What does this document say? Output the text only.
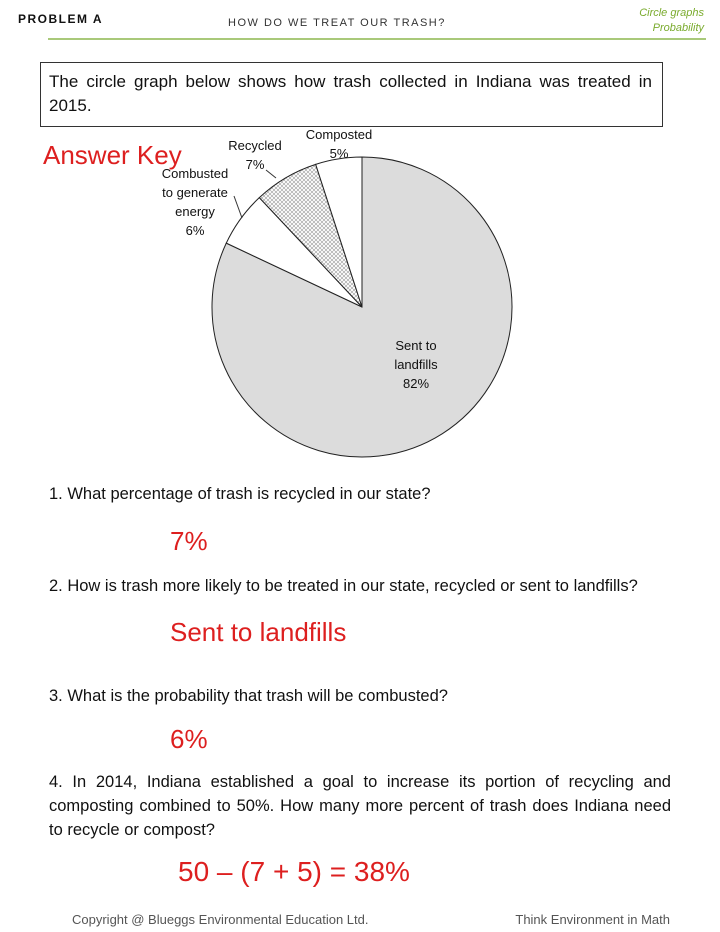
PROBLEM A	HOW DO WE TREAT OUR TRASH?
Circle graphs
Probability
The circle graph below shows how trash collected in Indiana was treated in 2015.
Sent to landfills 82%
Combusted to generate energy 6%
Recycled 7%
Composted 5%
Answer Key
1. What percentage of trash is recycled in our state?
7%
2. How is trash more likely to be treated in our state, recycled or sent to landfills?
Sent to landfills
3. What is the probability that trash will be combusted?
6%
4. In 2014, Indiana established a goal to increase its portion of recycling and composting combined to 50%. How many more percent of trash does Indiana need to recycle or compost?
50 – (7 + 5) = 38%
Copyright @ Blueggs Environmental Education Ltd.	Think Environment in Math
